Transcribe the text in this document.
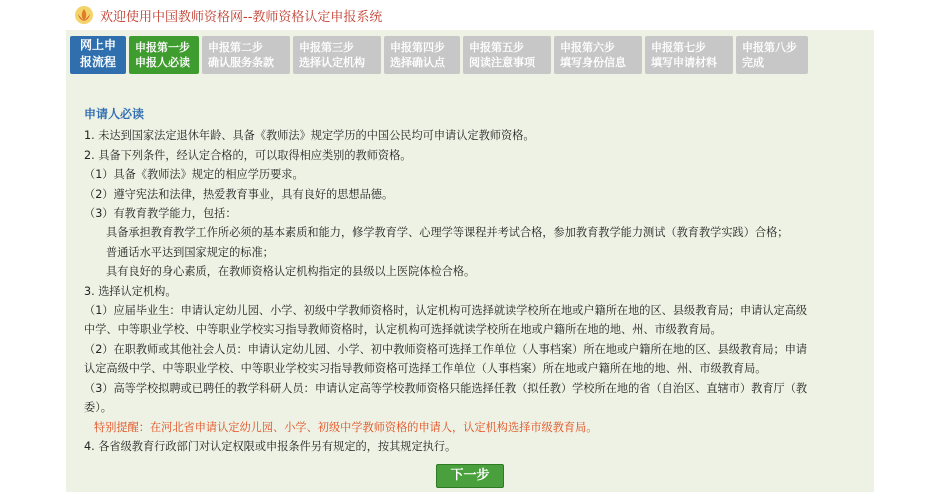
欢迎使用中国教师资格网--教师资格认定申报系统
网上申
报流程
申报第一步
申报人必读
申报第二步
确认服务条款
申报第三步
选择认定机构
申报第四步
选择确认点
申报第五步
阅读注意事项
申报第六步
填写身份信息
申报第七步
填写申请材料
申报第八步
完成
申请人必读

1. 未达到国家法定退休年龄、具备《教师法》规定学历的中国公民均可申请认定教师资格。

2. 具备下列条件，经认定合格的，可以取得相应类别的教师资格。

（1）具备《教师法》规定的相应学历要求。

（2）遵守宪法和法律，热爱教育事业，具有良好的思想品德。

（3）有教育教学能力，包括：

具备承担教育教学工作所必须的基本素质和能力，修学教育学、心理学等课程并考试合格，参加教育教学能力测试（教育教学实践）合格；

普通话水平达到国家规定的标准；

具有良好的身心素质，在教师资格认定机构指定的县级以上医院体检合格。

3. 选择认定机构。

（1）应届毕业生：申请认定幼儿园、小学、初级中学教师资格时，认定机构可选择就读学校所在地或户籍所在地的区、县级教育局；申请认定高级

中学、中等职业学校、中等职业学校实习指导教师资格时，认定机构可选择就读学校所在地或户籍所在地的地、州、市级教育局。

（2）在职教师或其他社会人员：申请认定幼儿园、小学、初中教师资格可选择工作单位（人事档案）所在地或户籍所在地的区、县级教育局；申请

认定高级中学、中等职业学校、中等职业学校实习指导教师资格可选择工作单位（人事档案）所在地或户籍所在地的地、州、市级教育局。

（3）高等学校拟聘或已聘任的教学科研人员：申请认定高等学校教师资格只能选择任教（拟任教）学校所在地的省（自治区、直辖市）教育厅（教

委）。

特别提醒：在河北省申请认定幼儿园、小学、初级中学教师资格的申请人，认定机构选择市级教育局。

4. 各省级教育行政部门对认定权限或申报条件另有规定的，按其规定执行。

下一步
